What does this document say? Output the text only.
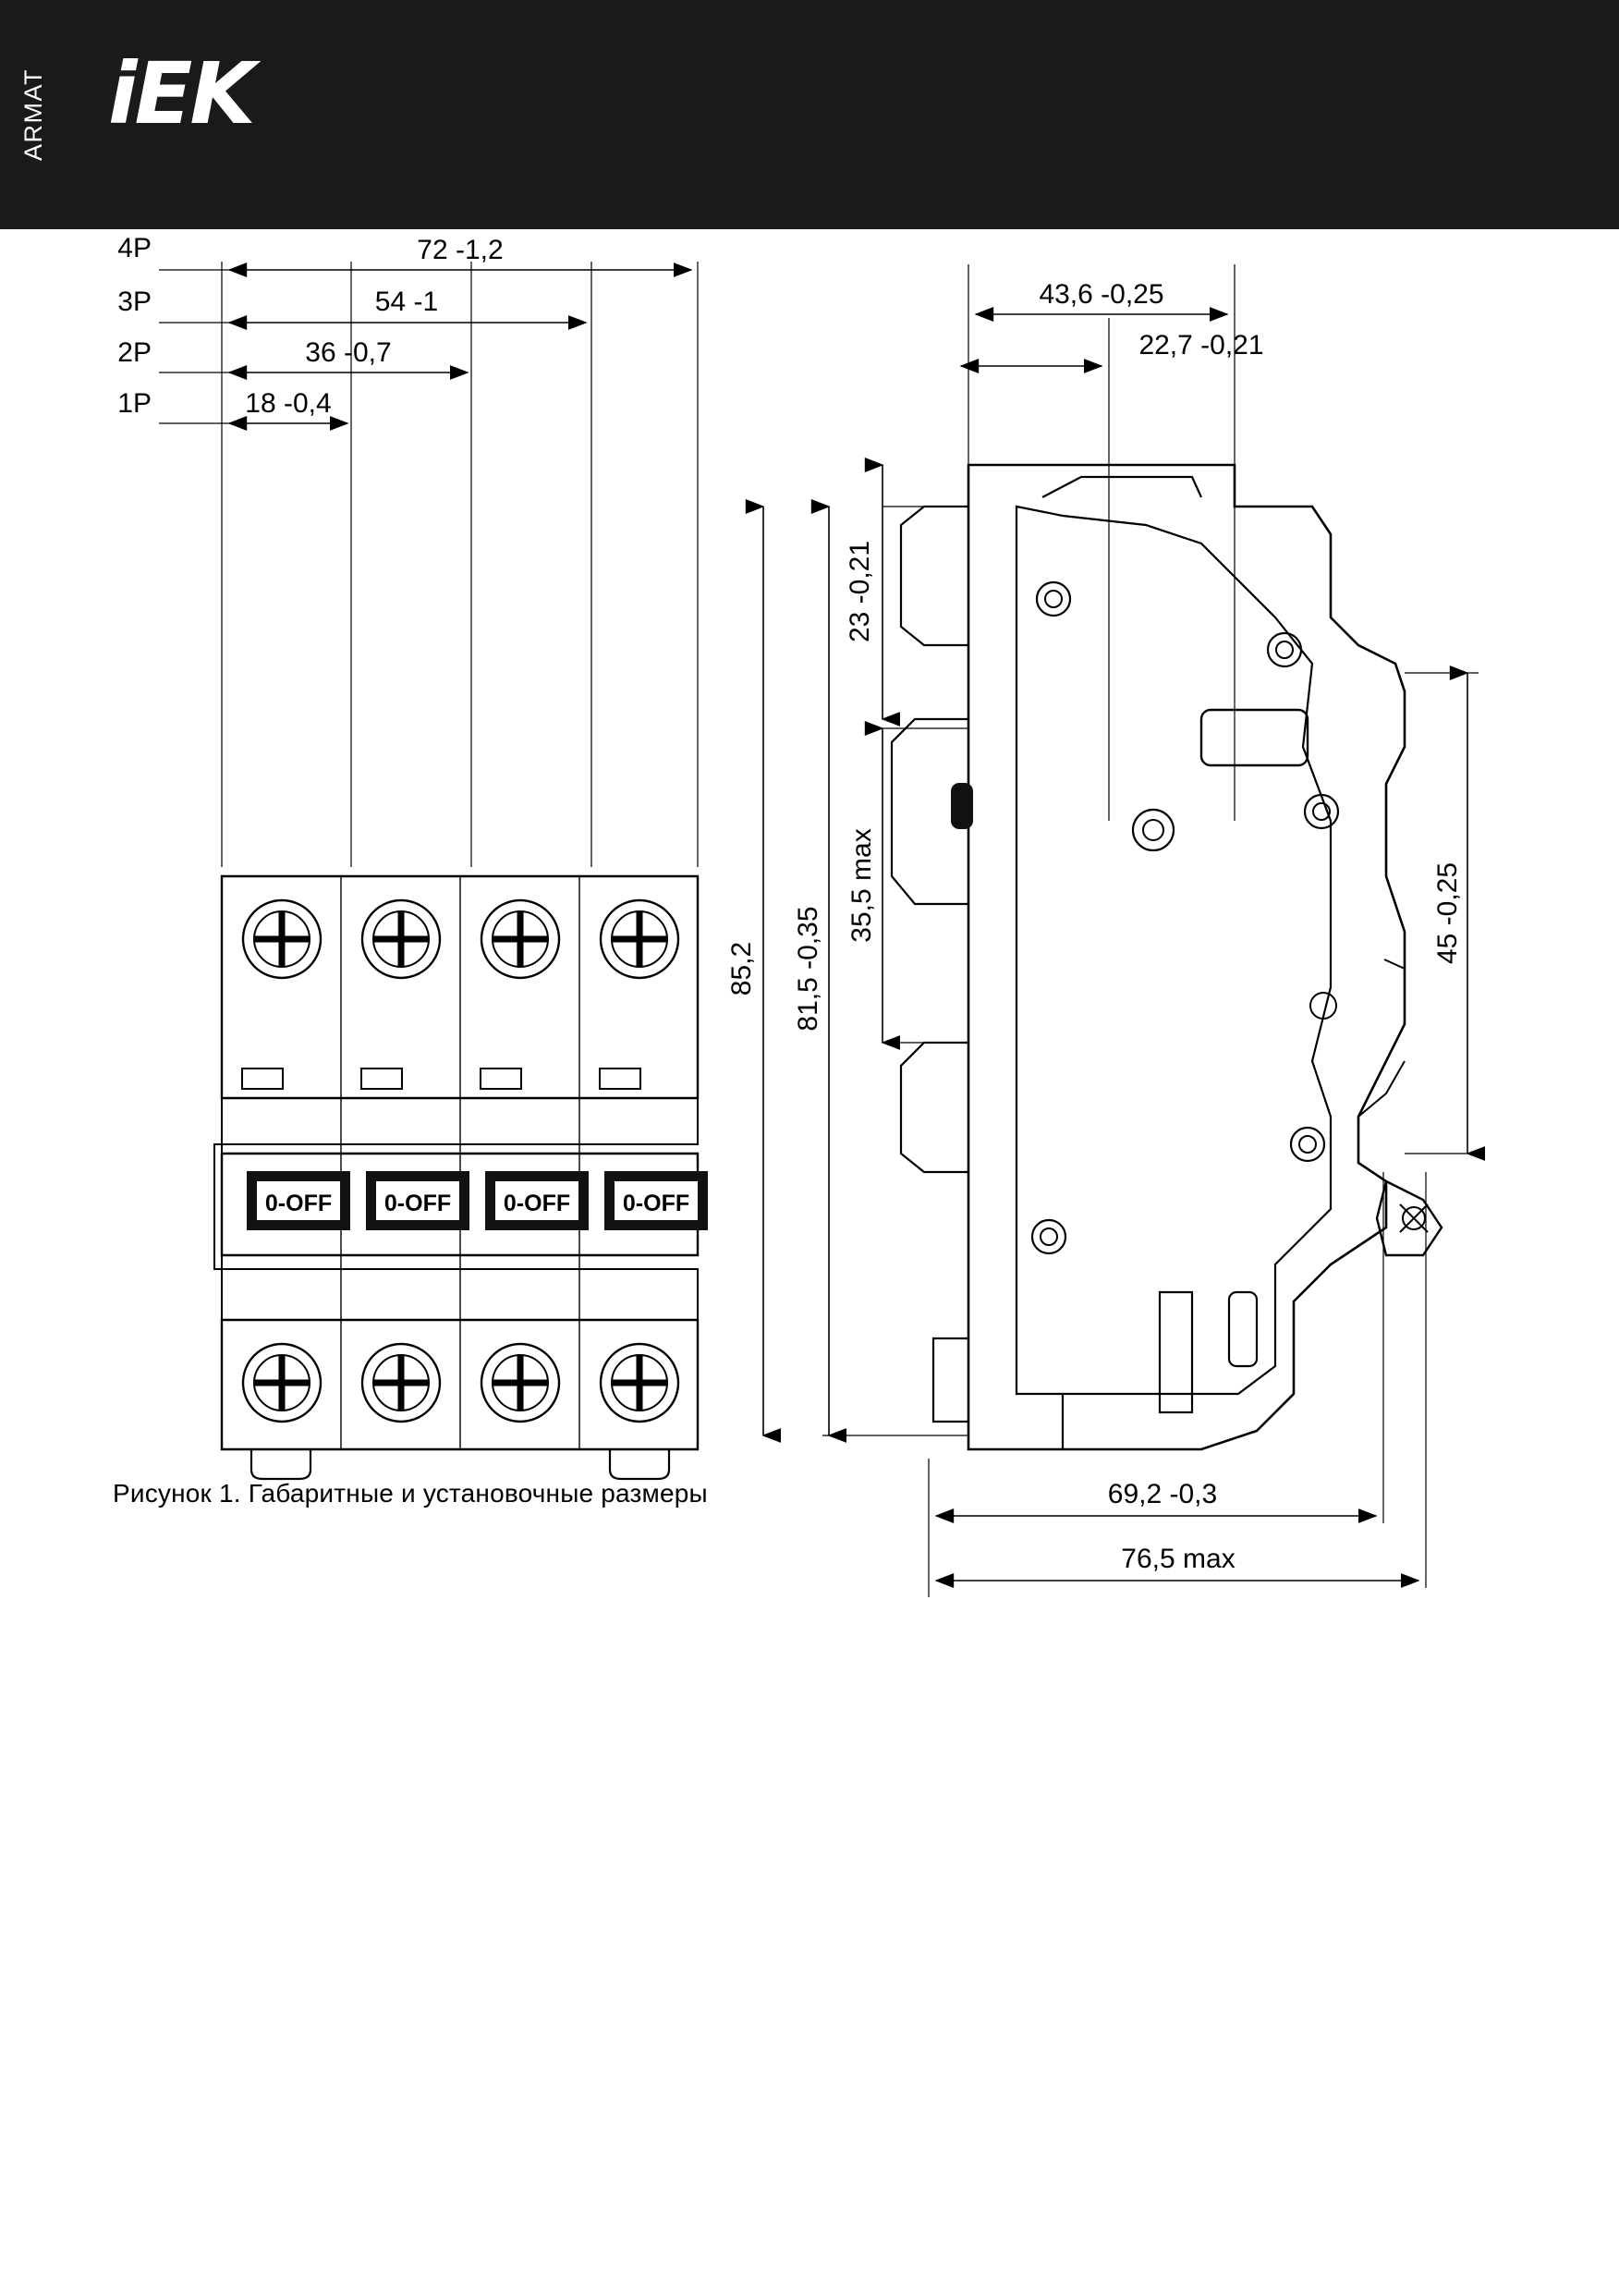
ARMAT iEK
4P
3P
2P
1P
72 -1,2
54 -1
36 -0,7
18 -0,4
0-OFF 0-OFF 0-OFF 0-OFF
43,6 -0,25
22,7 -0,21
23 -0,21
85,2 81,5 -0,35
35,5 max	45 -0,25
69,2 -0,3
76,5 max
Рисунок 1. Габаритные и установочные размеры
